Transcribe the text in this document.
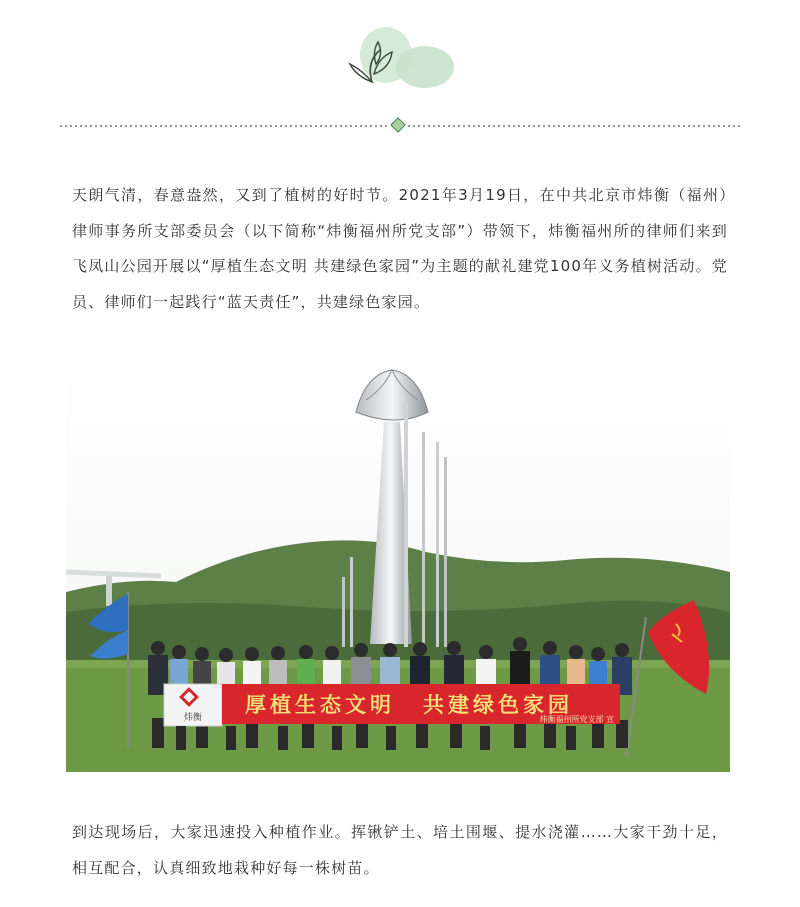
天朗气清，春意盎然，又到了植树的好时节。2021年3月19日，在中共北京市炜衡（福州）律师事务所支部委员会（以下简称“炜衡福州所党支部”）带领下，炜衡福州所的律师们来到飞凤山公园开展以“厚植生态文明 共建绿色家园”为主题的献礼建党100年义务植树活动。党员、律师们一起践行“蓝天责任”，共建绿色家园。

炜衡
厚植生态文明 共建绿色家园
炜衡福州所党支部 宣

到达现场后，大家迅速投入种植作业。挥锹铲土、培土围堰、提水浇灌……大家干劲十足，相互配合，认真细致地栽种好每一株树苗。
